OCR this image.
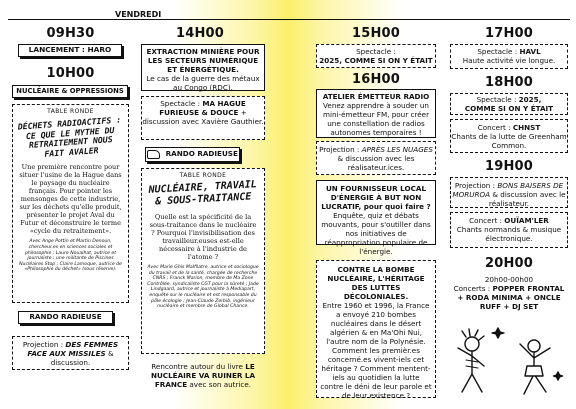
VENDREDI
09H30
LANCEMENT : HARO
10H00
NUCLÉAIRE & OPPRESSIONS
TABLE RONDE
DÉCHETS RADIOACTIFS : CE QUE LE MYTHE DU RETRAITEMENT NOUS FAIT AVALER
Une première rencontre pour situer l'usine de la Hague dans le paysage du nucléaire français. Pour pointer les mensonges de cette industrie, sur les déchets qu'elle produit, présenter le projet Aval du Futur et déconstruire le terme «cycle du retraitement».
Avec Ange Pottin et Martin Denoun, chercheur.es en sciences sociales et philosophie ; Laure Noualhat, autrice et journaliste ; une militante de Piscines Nucléaires Stop ; Claire Lamoque, autrice de «Philosophie du déchet» (sous réserve).
RANDO RADIEUSE
Projection : DES FEMMES FACE AUX MISSILES & discussion.
14H00
EXTRACTION MINIÈRE POUR LES SECTEURS NUMÉRIQUE ET ÉNERGÉTIQUE.
Le cas de la guerre des métaux au Congo (RDC).
Spectacle : MA HAGUE FURIEUSE & DOUCE + discussion avec Xavière Gauthier.
RANDO RADIEUSE
TABLE RONDE
NUCLÉAIRE, TRAVAIL & SOUS-TRAITANCE
Quelle est la spécificité de la sous-traitance dans le nucléaire ? Pourquoi l'invisibilisation des travailleur.euses est-elle nécessaire à l'industrie de l'atome ?
Avec Marie Ghis Malfilatre, autrice et sociologue du travail et de la santé, chargée de recherche CNRS ; Franck Marion, membre de Ma Zone Contrôlée, syndicaliste CGT pour la sûreté ; Jade Lindgaard, autrice et journaliste à Mediapart, enquête sur le nucléaire et est responsable du pôle écologie ; Jean-Claude Zerbib, ingénieur nucléaire et membre de Global Chance.
Rencontre autour du livre LE NUCLÉAIRE VA RUINER LA FRANCE avec son autrice.
15H00
Spectacle :
2025, COMME SI ON Y ÉTAIT
16H00
ATELIER ÉMETTEUR RADIO
Venez apprendre à souder un mini-émetteur FM, pour créer une constellation de radios autonomes temporaires !
Projection : APRÈS LES NUAGES & discussion avec les réalisateur.ices.
UN FOURNISSEUR LOCAL D'ÉNERGIE À BUT NON LUCRATIF, pour quoi faire ?
Enquête, quiz et débats mouvants, pour s'outiller dans nos initiatives de réappropriation populaire de l'énergie.
CONTRE LA BOMBE NUCLÉAIRE, L'HÉRITAGE DES LUTTES DÉCOLONIALES.
Entre 1960 et 1996, la France a envoyé 210 bombes nucléaires dans le désert algérien & en Ma'Ohi Nui, l'autre nom de la Polynésie. Comment les premièr.es concerné.es vivent-iels cet héritage ? Comment mentent-iels au quotidien la lutte contre le déni de leur parole et de leur existence ?
17H00
Spectacle : HAVL
Haute activité vie longue.
18H00
Spectacle : 2025,
COMME SI ON Y ÉTAIT
Concert : CHNST
Chants de la lutte de Greenham Common.
19H00
Projection : BONS BAISERS DE MORUROA & discussion avec le réalisateur.
Concert : OUÏAM'LER
Chants normands & musique électronique.
20H00
20h00-00h00
Concerts : POPPER FRONTAL + RODA MINIMA + ONCLE RUFF + DJ SET
